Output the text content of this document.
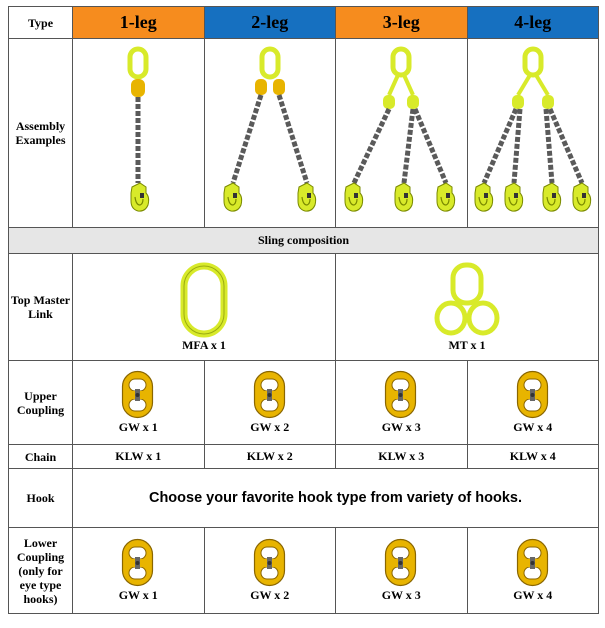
Type	1-leg	2-leg	3-leg	4-leg
Assembly Examples	

Sling composition				
Top Master Link	MFA x 1		MT x 1	

Upper Coupling	GW x 1	GW x 2	GW x 3	GW x 4

Chain	KLW x 1	KLW x 2	KLW x 3	KLW x 4
Hook	Choose your favorite hook type from variety of hooks.			
Lower Coupling (only for eye type hooks)	GW x 1	GW x 2	GW x 3	GW x 4
